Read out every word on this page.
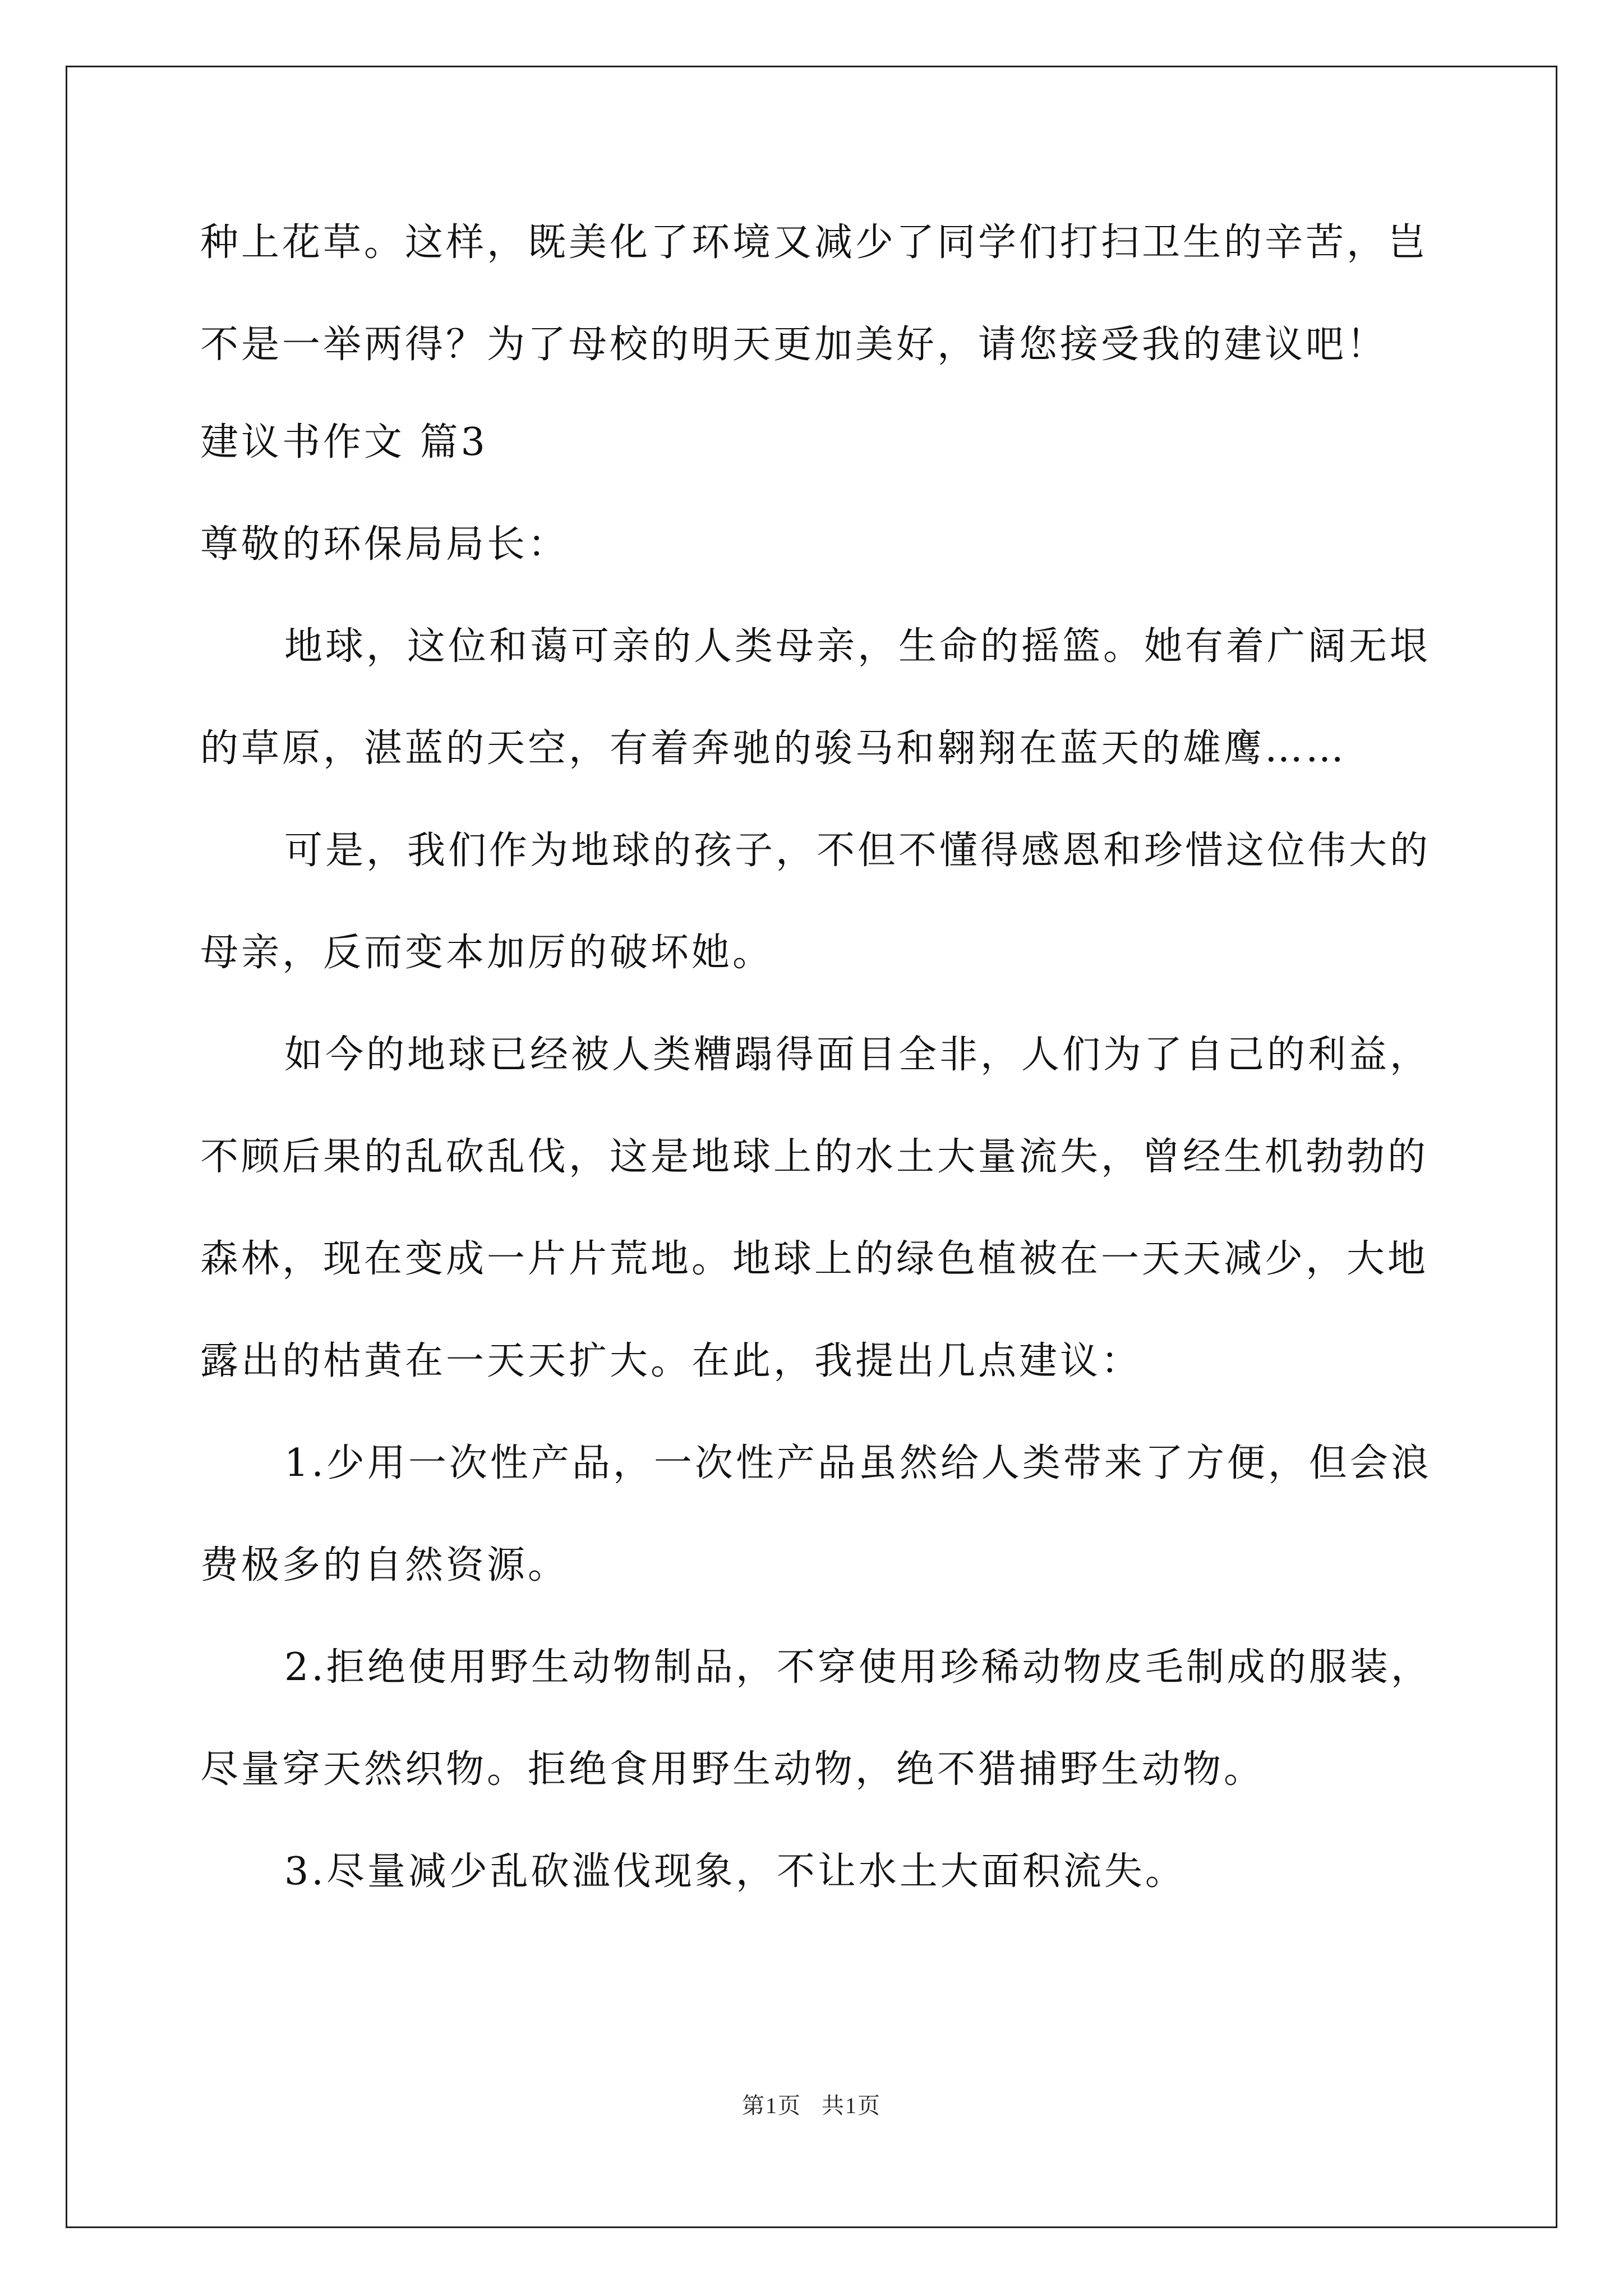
种上花草。这样，既美化了环境又减少了同学们打扫卫生的辛苦，岂
不是一举两得？为了母校的明天更加美好，请您接受我的建议吧！
建议书作文 篇3
尊敬的环保局局长：
地球，这位和蔼可亲的人类母亲，生命的摇篮。她有着广阔无垠
的草原，湛蓝的天空，有着奔驰的骏马和翱翔在蓝天的雄鹰……
可是，我们作为地球的孩子，不但不懂得感恩和珍惜这位伟大的
母亲，反而变本加厉的破坏她。
如今的地球已经被人类糟蹋得面目全非，人们为了自己的利益，
不顾后果的乱砍乱伐，这是地球上的水土大量流失，曾经生机勃勃的
森林，现在变成一片片荒地。地球上的绿色植被在一天天减少，大地
露出的枯黄在一天天扩大。在此，我提出几点建议：
1.少用一次性产品，一次性产品虽然给人类带来了方便，但会浪
费极多的自然资源。
2.拒绝使用野生动物制品，不穿使用珍稀动物皮毛制成的服装，
尽量穿天然织物。拒绝食用野生动物，绝不猎捕野生动物。
3.尽量减少乱砍滥伐现象，不让水土大面积流失。
第1页   共1页
